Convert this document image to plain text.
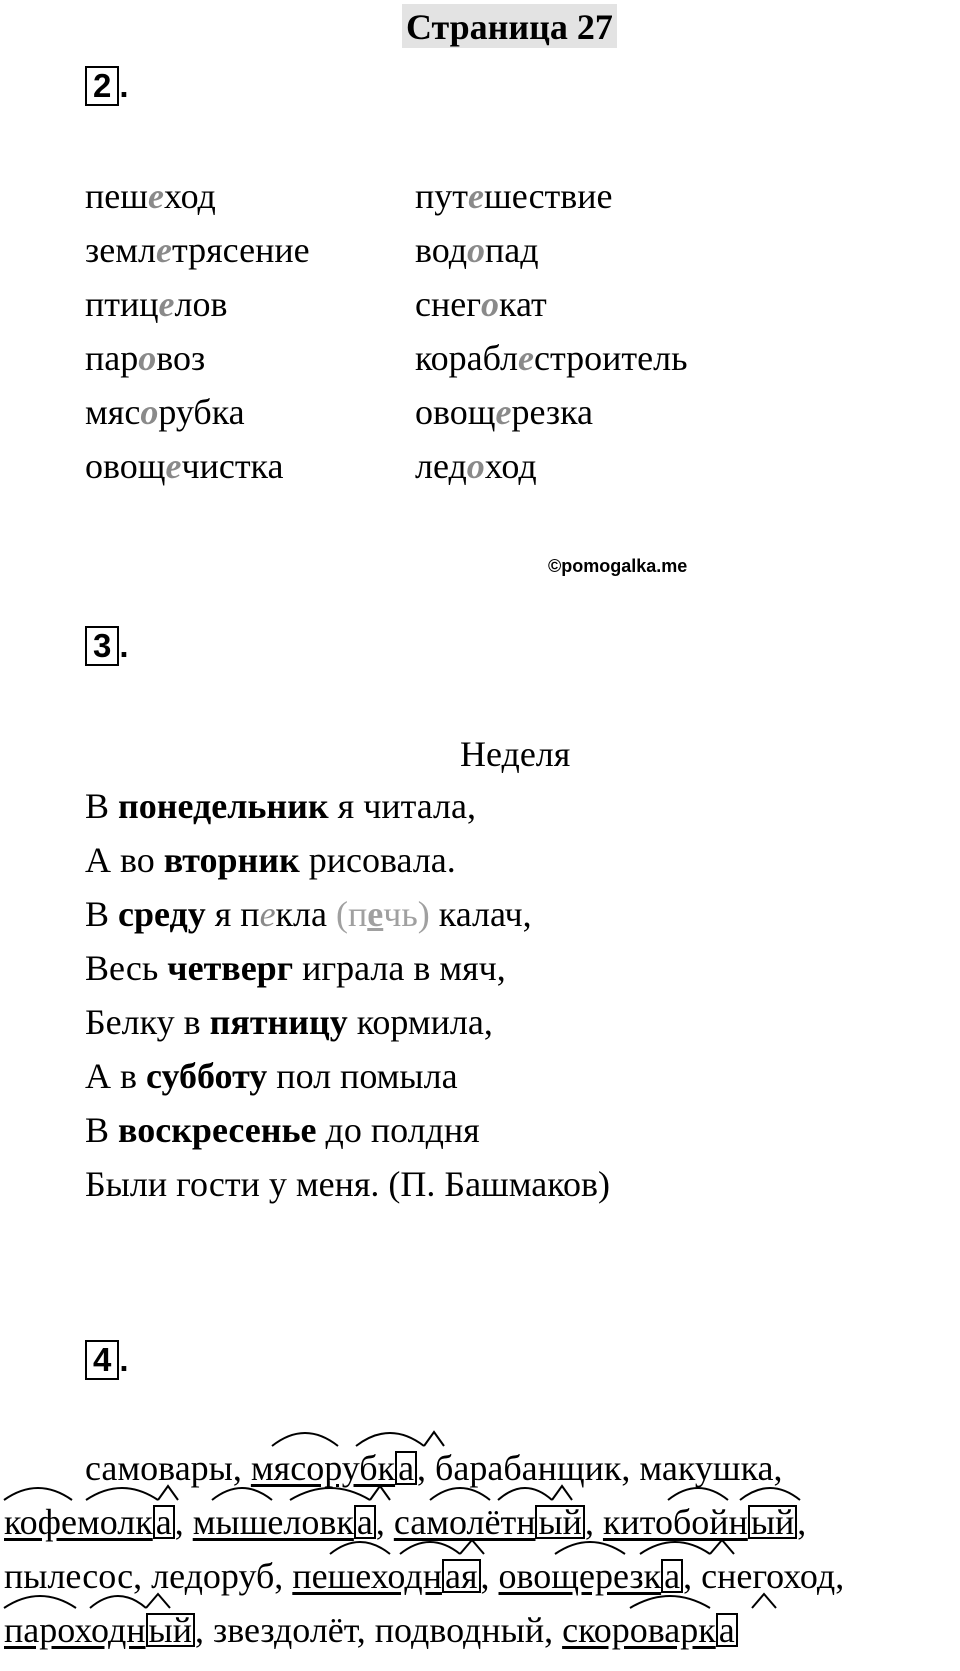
Страница 27
2 .
пешеход
землетрясение
птицелов
паровоз
мясорубка
овощечистка
путешествие
водопад
снегокат
кораблестроитель
овощерезка
ледоход
©pomogalka.me
3 .
Неделя
В понедельник я читала,
А во вторник рисовала.
В среду я пекла (печь) калач,
Весь четверг играла в мяч,
Белку в пятницу кормила,
А в субботу пол помыла
В воскресенье до полдня
Были гости у меня. (П. Башмаков)
4 .
самовары, мясорубка, барабанщик, макушка,
кофемолка, мышеловка, самолётный, китобойный,
пылесос, ледоруб, пешеходная, овощерезка, снегоход,
пароходный, звездолёт, подводный, скороварка
